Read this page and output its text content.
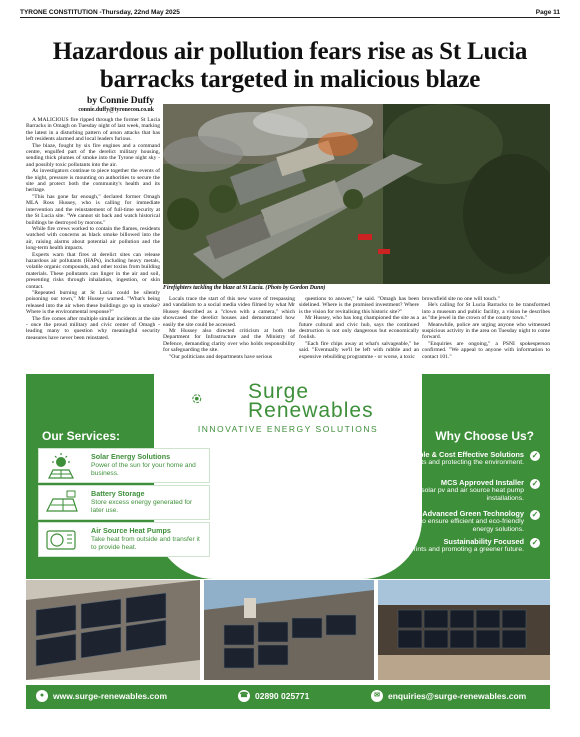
TYRONE CONSTITUTION -Thursday, 22nd May 2025	Page 11
Hazardous air pollution fears rise as St Lucia barracks targeted in malicious blaze
by Connie Duffy
connie.duffy@tyronecon.co.uk

A MALICIOUS fire ripped through the former St Lucia Barracks in Omagh on Tuesday night of last week, marking the latest in a disturbing pattern of arson attacks that has left residents alarmed and local leaders furious.

The blaze, fought by six fire engines and a command centre, engulfed part of the derelict military housing, sending thick plumes of smoke into the Tyrone night sky - and possibly toxic pollutants into the air.

As investigators continue to piece together the events of the night, pressure is mounting on authorities to secure the site and protect both the community's health and its heritage.

"This has gone far enough," declared former Omagh MLA Ross Hussey, who is calling for immediate intervention and the reinstatement of full-time security at the St Lucia site. "We cannot sit back and watch historical buildings be destroyed by morons."

While fire crews worked to contain the flames, residents watched with concerns as black smoke billowed into the air, raising alarms about potential air pollution and the long-term health impacts.

Experts warn that fires at derelict sites can release hazardous air pollutants (HAPs), including heavy metals, volatile organic compounds, and other toxins from building materials. These pollutants can linger in the air and soil, presenting risks through inhalation, ingestion, or skin contact.

"Repeated burning at St Lucia could be silently poisoning our town," Mr Hussey warned. "What's being released into the air when these buildings go up in smoke? Where is the environmental response?"

The fire comes after multiple similar incidents at the site - once the proud military and civic center of Omagh - leading many to question why meaningful security measures have never been reinstated.

Firefighters tackling the blaze at St Lucia. (Photo by Gordon Dunn)

Locals trace the start of this new wave of trespassing and vandalism to a social media video filmed by what Mr Hussey described as a "clown with a camera," which showcased the derelict houses and demonstrated how easily the site could be accessed.

Mr Hussey also directed criticism at both the Department for Infrastructure and the Ministry of Defence, demanding clarity over who holds responsibility for safeguarding the site.

"Our politicians and departments have serious

questions to answer," he said. "Omagh has been sidelined. Where is the promised investment? Where is the vision for revitalising this historic site?"

Mr Hussey, who has long championed the site as a future cultural and civic hub, says the continued destruction is not only dangerous but economically foolish.

"Each fire chips away at what's salvageable," he said. "Eventually we'll be left with rubble and an expensive rebuilding programme - or worse, a toxic

brownfield site no one will touch."

He's calling for St Lucia Barracks to be transformed into a museum and public facility, a vision he describes as "the jewel in the crown of the county town."

Meanwhile, police are urging anyone who witnessed suspicious activity in the area on Tuesday night to come forward.

"Enquiries are ongoing," a PSNI spokesperson confirmed. "We appeal to anyone with information to contact 101."

Surge
Renewables
INNOVATIVE ENERGY SOLUTIONS
Our Services:	Why Choose Us?
Solar Energy Solutions
Power of the sun for your home and business.
Battery Storage
Store excess energy generated for later use.
Air Source Heat Pumps
Take heat from outside and transfer it to provide heat.
Renewable & Cost Effective Solutions
Uses natural energy, lowering costs and protecting the environment.
✓
MCS Approved Installer
We are fully MCS-accredited for solar pv and air source heat pump installations.
✓
Advanced Green Technology
We apply the latest innovations to ensure efficient and eco-friendly energy solutions.
✓
Sustainability Focused
Committed to reducing carbon footprints and promoting a greener future.
✓
●	www.surge-renewables.com	☎ 02890 025771	✉ enquiries@surge-renewables.com
